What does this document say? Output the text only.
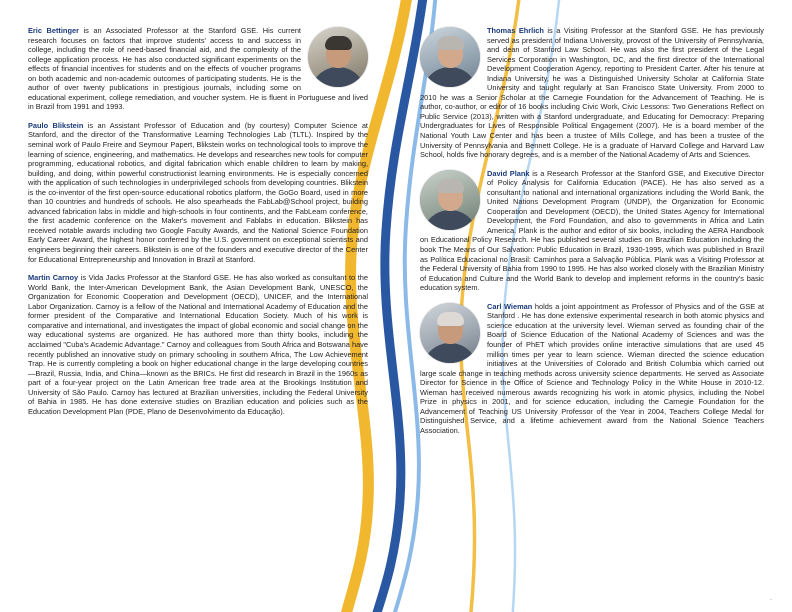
Eric Bettinger is an Associated Professor at the Stanford GSE. His current research focuses on factors that improve students' access to and success in college, including the role of need-based financial aid, and the complexity of the college application process. He has also conducted significant experiments on the effects of financial incentives for students and on the effects of voucher programs on both academic and non-academic outcomes of participating students. He is the author of over twenty publications in prestigious journals, including some on educational experiment, college remediation, and voucher system. He is fluent in Portuguese and lived in Brazil from 1991 and 1993.
Paulo Blikstein is an Assistant Professor of Education and (by courtesy) Computer Science at Stanford, and the director of the Transformative Learning Technologies Lab (TLTL). Inspired by the seminal work of Paulo Freire and Seymour Papert, Blikstein works on technological tools to improve the learning of science, engineering, and mathematics. He develops and researches new tools for computer programming, educational robotics, and digital fabrication which enable children to learn by making, building, and doing, within powerful constructionist learning environments. He is especially concerned with the application of such technologies in underprivileged schools from developing countries. Blikstein is the co-inventor of the first open-source educational robotics platform, the GoGo Board, used in more than 10 countries and hundreds of schools. He also spearheads the FabLab@School project, building advanced fabrication labs in middle and high-schools in four continents, and the FabLearn conference, the first academic conference on the Maker's movement and Fablabs in education. Blikstein has received notable awards including two Google Faculty Awards, and the National Science Foundation Early Career Award, the highest honor conferred by the U.S. government on exceptional scientists and engineers beginning their careers. Blikstein is one of the founders and executive director of the Center for Educational Entrepreneurship and Innovation in Brazil at Stanford.
Martin Carnoy is Vida Jacks Professor at the Stanford GSE. He has also worked as consultant to the World Bank, the Inter-American Development Bank, the Asian Development Bank, UNESCO, the Organization for Economic Cooperation and Development (OECD), UNICEF, and the International Labor Organization. Carnoy is a fellow of the National and International Academy of Education and the former president of the Comparative and International Education Society. Much of his work is comparative and international, and investigates the impact of global economic and social change on the way educational systems are organized. He has authored more than thirty books, including the acclaimed "Cuba's Academic Advantage." Carnoy and colleagues from South Africa and Botswana have recently published an innovative study on primary schooling in southern Africa, The Low Achievement Trap. He is currently completing a book on higher educational change in the large developing countries—Brazil, Russia, India, and China—known as the BRICs. He first did research in Brazil in the 1960s as part of a four-year project on the Latin American free trade area at the Brookings Institution and University of São Paulo. Carnoy has lectured at Brazilian universities, including the Federal University of Bahia in 1985. He has done extensive studies on Brazilian education and policies such as the Education Development Plan (PDE, Plano de Desenvolvimento da Educação).
Thomas Ehrlich is a Visiting Professor at the Stanford GSE. He has previously served as president of Indiana University, provost of the University of Pennsylvania, and dean of Stanford Law School. He was also the first president of the Legal Services Corporation in Washington, DC, and the first director of the International Development Cooperation Agency, reporting to President Carter. After his tenure at Indiana University, he was a Distinguished University Scholar at California State University and taught regularly at San Francisco State University. From 2000 to 2010 he was a Senior Scholar at the Carnegie Foundation for the Advancement of Teaching. He is author, co-author, or editor of 16 books including Civic Work, Civic Lessons: Two Generations Reflect on Public Service (2013), written with a Stanford undergraduate, and Educating for Democracy: Preparing Undergraduates for Lives of Responsible Political Engagement (2007). He is a board member of the National Youth Law Center and has been a trustee of Mills College, and has been a trustee of the University of Pennsylvania and Bennett College. He is a graduate of Harvard College and Harvard Law School, holds five honorary degrees, and is a member of the National Academy of Arts and Sciences.
David Plank is a Research Professor at the Stanford GSE, and Executive Director of Policy Analysis for California Education (PACE). He has also served as a consultant to national and international organizations including the World Bank, the United Nations Development Program (UNDP), the Organization for Economic Cooperation and Development (OECD), the United States Agency for International Development, the Ford Foundation, and also to governments in Africa and Latin America. Plank is the author and editor of six books, including the AERA Handbook on Educational Policy Research. He has published several studies on Brazilian Education including the book The Means of Our Salvation: Public Education in Brazil, 1930-1995, which was published in Brazil as Política Educacional no Brasil: Caminhos para a Salvação Pública. Plank was a Visiting Professor at the Federal University of Bahia from 1990 to 1995. He has also worked closely with the Brazilian Ministry of Education and Culture and the World Bank to develop and implement reforms in the country's basic education system.
Carl Wieman holds a joint appointment as Professor of Physics and of the GSE at Stanford . He has done extensive experimental research in both atomic physics and science education at the university level. Wieman served as founding chair of the Board of Science Education of the National Academy of Sciences and was the founder of PhET which provides online interactive simulations that are used 45 million times per year to learn science. Wieman directed the science education initiatives at the Universities of Colorado and British Columbia which carried out large scale change in teaching methods across university science departments. He served as Associate Director for Science in the Office of Science and Technology Policy in the White House in 2010-12. Wieman has received numerous awards recognizing his work in atomic physics, including the Nobel Prize in physics in 2001, and for science education, including the Carnegie Foundation for the Advancement of Teaching US University Professor of the Year in 2004, Teachers College Medal for Distinguished Service, and a lifetime achievement award from the National Science Teachers Association.
.
